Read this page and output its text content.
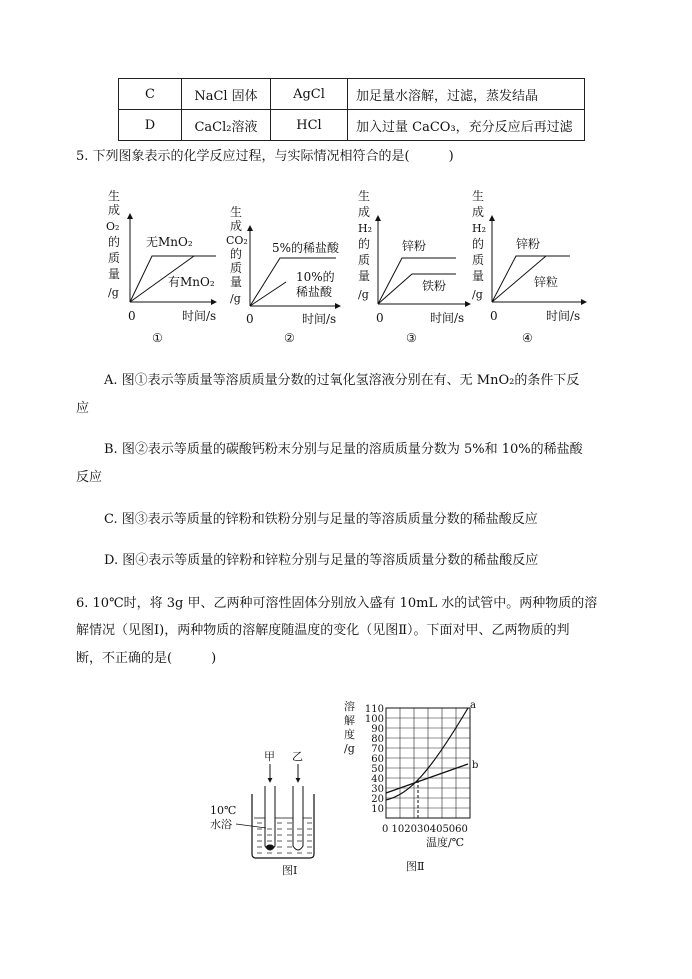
C	NaCl 固体	AgCl	加足量水溶解，过滤，蒸发结晶
D	CaCl₂溶液	HCl	加入过量 CaCO₃，充分反应后再过滤
5. 下列图象表示的化学反应过程，与实际情况相符合的是(　　　)
生
成
O₂
的
质
量
/g
无MnO₂
有MnO₂
0	时间/s
①
生
成
CO₂
的
质
量
/g
5%的稀盐酸
10%的
稀盐酸
0	时间/s
②
生
成
H₂
的
质
量
/g
锌粉
铁粉
0	时间/s
③
生
成
H₂
的
质
量
/g
锌粉
锌粒
0	时间/s
④
A. 图①表示等质量等溶质质量分数的过氧化氢溶液分别在有、无 MnO₂的条件下反
应
B. 图②表示等质量的碳酸钙粉末分别与足量的溶质质量分数为 5%和 10%的稀盐酸
反应
C. 图③表示等质量的锌粉和铁粉分别与足量的等溶质质量分数的稀盐酸反应
D. 图④表示等质量的锌粉和锌粒分别与足量的等溶质质量分数的稀盐酸反应
6. 10℃时，将 3g 甲、乙两种可溶性固体分别放入盛有 10mL 水的试管中。两种物质的溶
解情况（见图Ⅰ)，两种物质的溶解度随温度的变化（见图Ⅱ）。下面对甲、乙两物质的判
断，不正确的是(　　　)
甲 乙
10℃
水浴
图Ⅰ
溶
解
度
/g
110
100
90
80
70
60
50
40
30
20
10
a
b
0 102030405060
温度/℃
图Ⅱ
